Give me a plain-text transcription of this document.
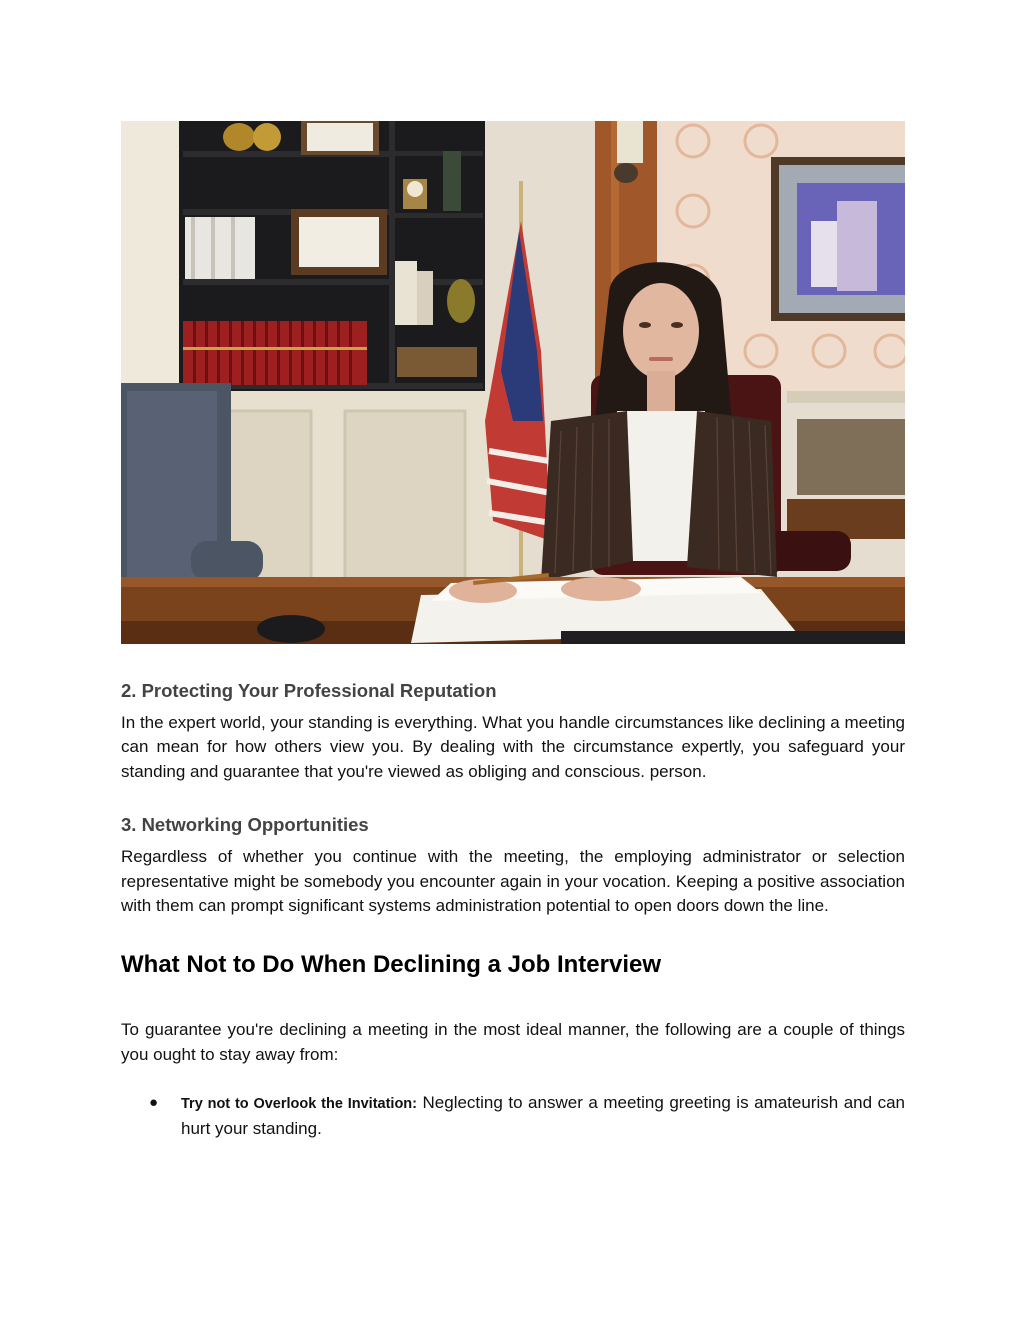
2. Protecting Your Professional Reputation

In the expert world, your standing is everything. What you handle circumstances like declining a meeting can mean for how others view you. By dealing with the circumstance expertly, you safeguard your standing and guarantee that you're viewed as obliging and conscious. person.

3. Networking Opportunities

Regardless of whether you continue with the meeting, the employing administrator or selection representative might be somebody you encounter again in your vocation. Keeping a positive association with them can prompt significant systems administration potential to open doors down the line.

What Not to Do When Declining a Job Interview

To guarantee you're declining a meeting in the most ideal manner, the following are a couple of things you ought to stay away from:

● Try not to Overlook the Invitation: Neglecting to answer a meeting greeting is amateurish and can hurt your standing.
